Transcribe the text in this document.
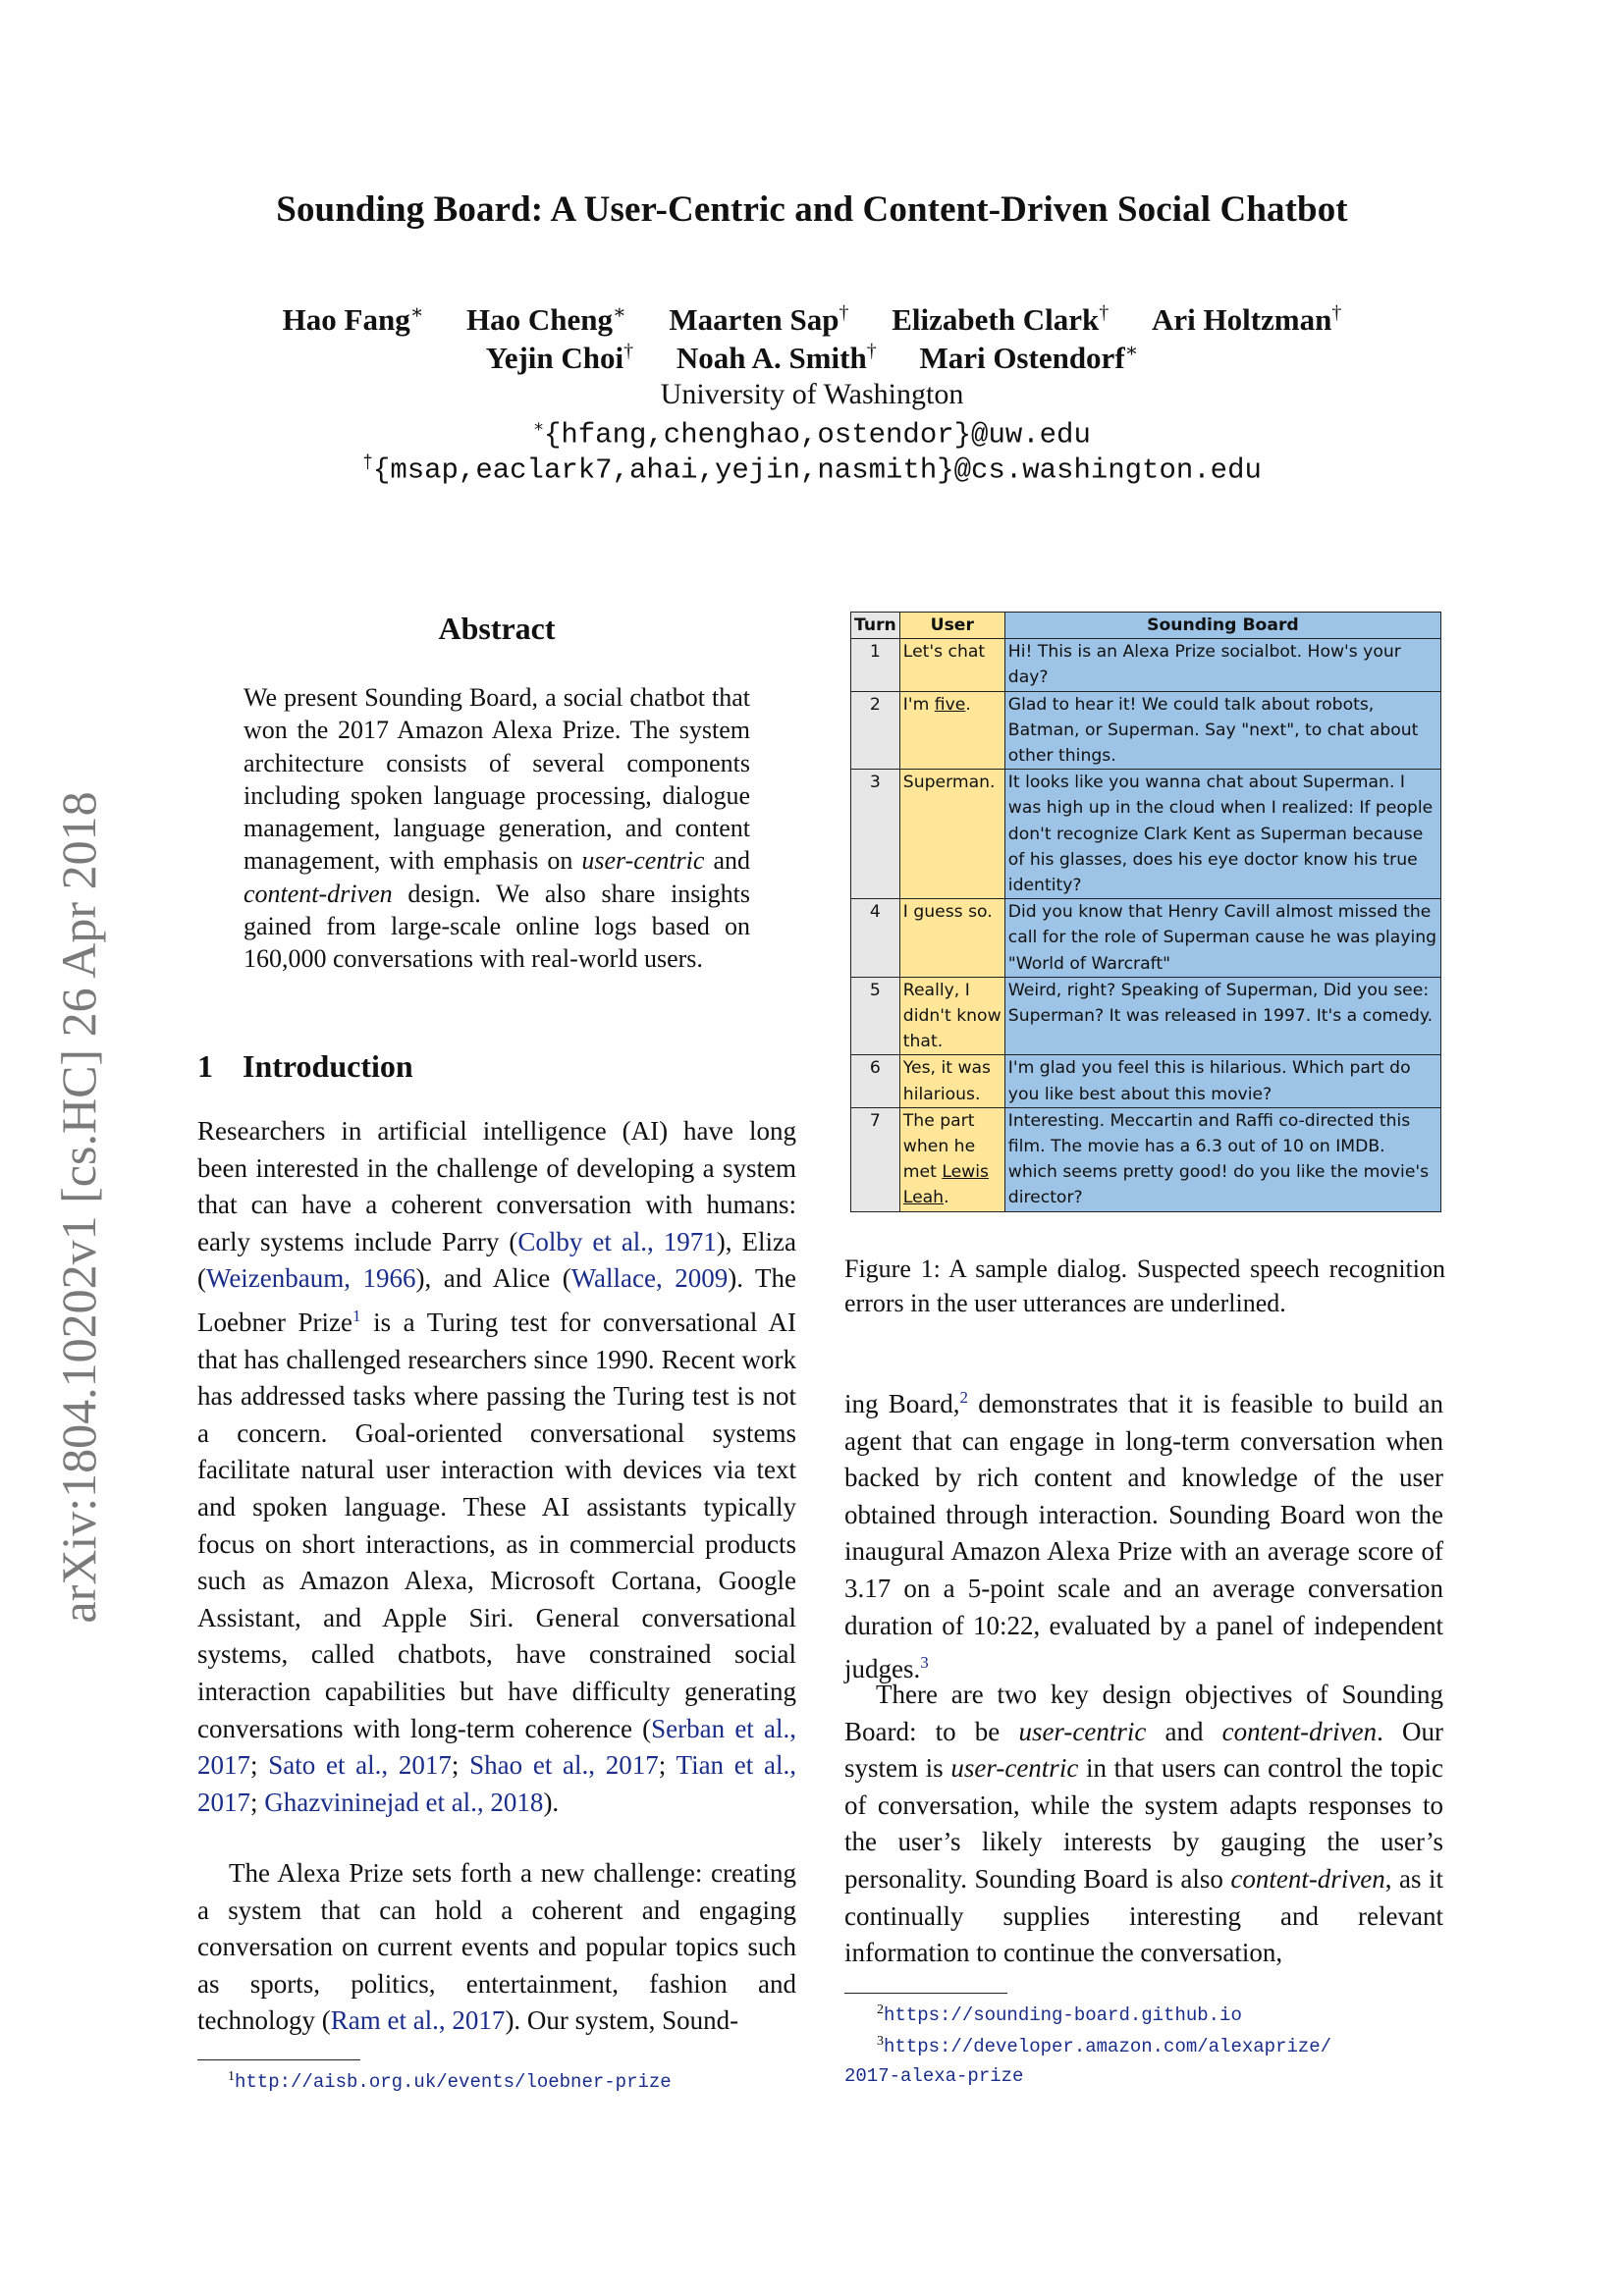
Sounding Board: A User-Centric and Content-Driven Social Chatbot
Hao Fang∗ Hao Cheng∗ Maarten Sap† Elizabeth Clark† Ari Holtzman†
Yejin Choi† Noah A. Smith† Mari Ostendorf∗
University of Washington
∗{hfang,chenghao,ostendor}@uw.edu
†{msap,eaclark7,ahai,yejin,nasmith}@cs.washington.edu
arXiv:1804.10202v1 [cs.HC] 26 Apr 2018
Abstract
We present Sounding Board, a social chatbot that won the 2017 Amazon Alexa Prize. The system architecture consists of several components including spoken language processing, dialogue management, language generation, and content management, with emphasis on user-centric and content-driven design. We also share insights gained from large-scale online logs based on 160,000 conversations with real-world users.
1 Introduction
Researchers in artificial intelligence (AI) have long been interested in the challenge of developing a system that can have a coherent conversation with humans: early systems include Parry (Colby et al., 1971), Eliza (Weizenbaum, 1966), and Alice (Wallace, 2009). The Loebner Prize$^1$ is a Turing test for conversational AI that has challenged researchers since 1990. Recent work has addressed tasks where passing the Turing test is not a concern. Goal-oriented conversational systems facilitate natural user interaction with devices via text and spoken language. These AI assistants typically focus on short interactions, as in commercial products such as Amazon Alexa, Microsoft Cortana, Google Assistant, and Apple Siri. General conversational systems, called chatbots, have constrained social interaction capabilities but have difficulty generating conversations with long-term coherence (Serban et al., 2017; Sato et al., 2017; Shao et al., 2017; Tian et al., 2017; Ghazvininejad et al., 2018).
The Alexa Prize sets forth a new challenge: creating a system that can hold a coherent and engaging conversation on current events and popular topics such as sports, politics, entertainment, fashion and technology (Ram et al., 2017). Our system, Sound-
$^1$http://aisb.org.uk/events/loebner-prize
Turn	User	Sounding Board
1	Let's chat	Hi! This is an Alexa Prize socialbot. How's your day?
2	I'm five.	Glad to hear it! We could talk about robots, Batman, or Superman. Say "next", to chat about other things.
3	Superman.	It looks like you wanna chat about Superman. I was high up in the cloud when I realized: If people don't recognize Clark Kent as Superman because of his glasses, does his eye doctor know his true identity?
4	I guess so.	Did you know that Henry Cavill almost missed the call for the role of Superman cause he was playing "World of Warcraft"
5	Really, I didn't know that.	Weird, right? Speaking of Superman, Did you see: Superman? It was released in 1997. It's a comedy.
6	Yes, it was hilarious.	I'm glad you feel this is hilarious. Which part do you like best about this movie?
7	The part when he met Lewis Leah.	Interesting. Meccartin and Raffi co-directed this film. The movie has a 6.3 out of 10 on IMDB. which seems pretty good! do you like the movie's director?
Figure 1: A sample dialog. Suspected speech recognition errors in the user utterances are underlined.
ing Board,$^2$ demonstrates that it is feasible to build an agent that can engage in long-term conversation when backed by rich content and knowledge of the user obtained through interaction. Sounding Board won the inaugural Amazon Alexa Prize with an average score of 3.17 on a 5-point scale and an average conversation duration of 10:22, evaluated by a panel of independent judges.$^3$
There are two key design objectives of Sounding Board: to be user-centric and content-driven. Our system is user-centric in that users can control the topic of conversation, while the system adapts responses to the user’s likely interests by gauging the user’s personality. Sounding Board is also content-driven, as it continually supplies interesting and relevant information to continue the conversation,
$^2$https://sounding-board.github.io
$^3$https://developer.amazon.com/alexaprize/
2017-alexa-prize
